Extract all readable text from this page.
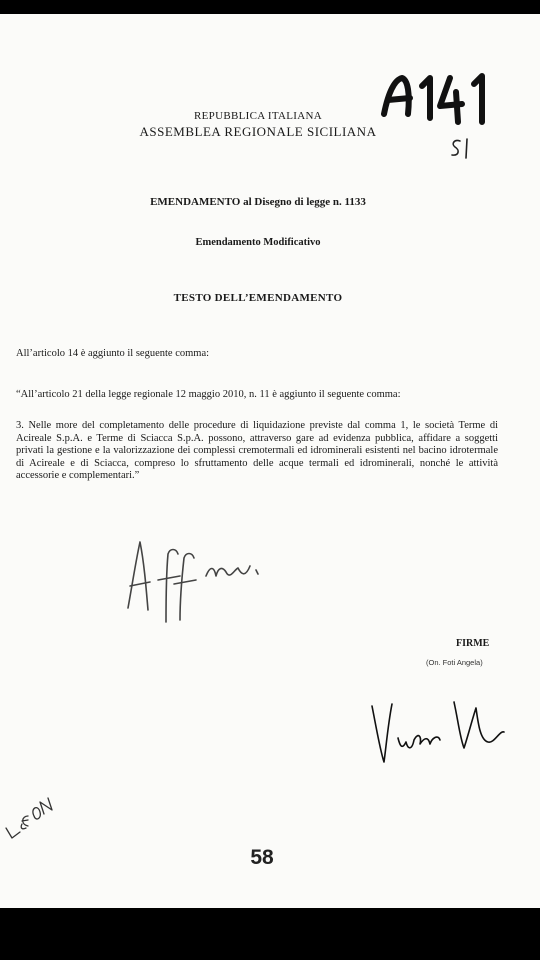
REPUBBLICA ITALIANA
ASSEMBLEA REGIONALE SICILIANA
EMENDAMENTO al Disegno di legge n. 1133
Emendamento Modificativo
TESTO DELL’EMENDAMENTO
All’articolo 14 è aggiunto il seguente comma:
“All’articolo 21 della legge regionale 12 maggio 2010, n. 11 è aggiunto il seguente comma:
3. Nelle more del completamento delle procedure di liquidazione previste dal comma 1, le società Terme di Acireale S.p.A. e Terme di Sciacca S.p.A. possono, attraverso gare ad evidenza pubblica, affidare a soggetti privati la gestione e la valorizzazione dei complessi cremotermali ed idrominerali esistenti nel bacino idrotermale di Acireale e di Sciacca, compreso lo sfruttamento delle acque termali ed idrominerali, nonché le attività accessorie e complementari.”
FIRME
(On. Foti Angela)
58
